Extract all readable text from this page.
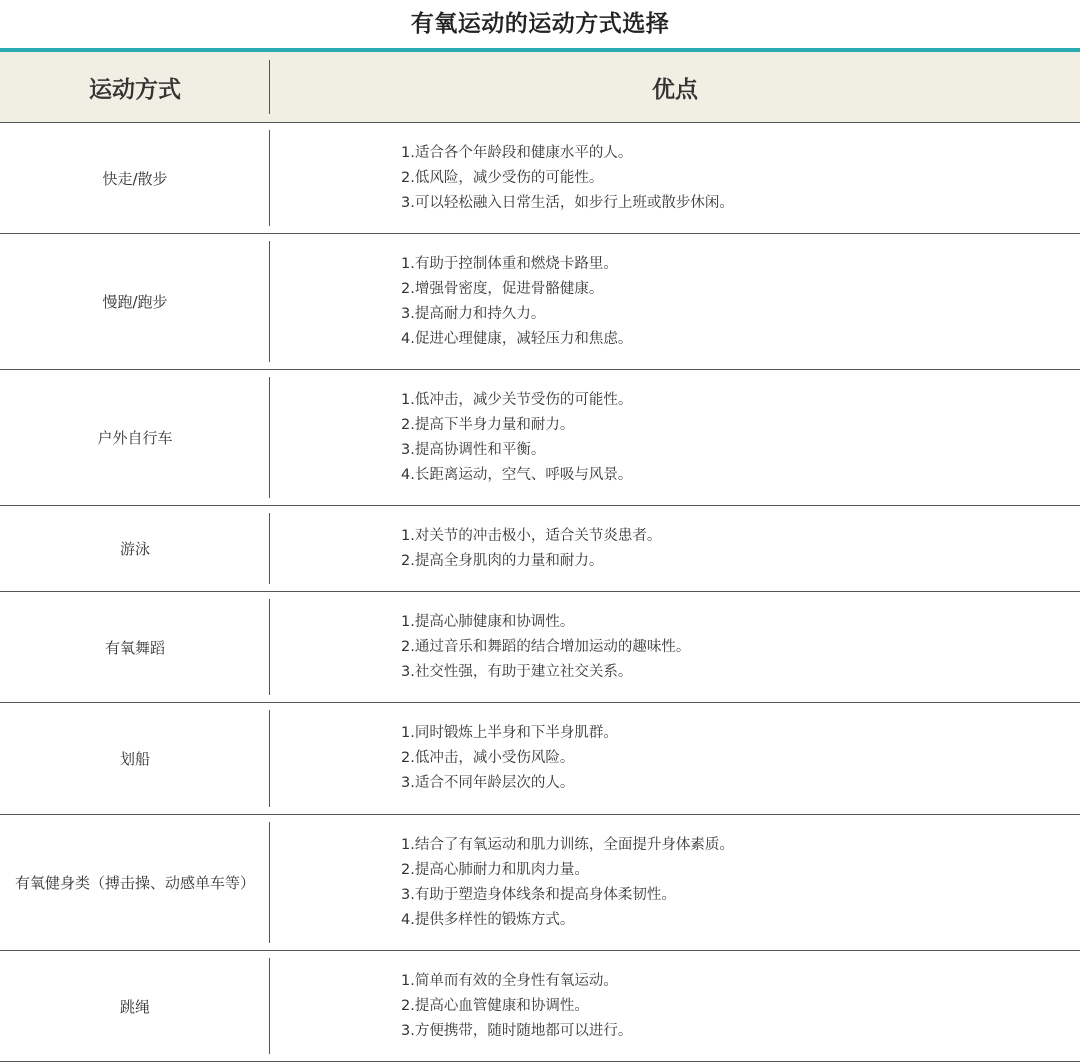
有氧运动的运动方式选择
运动方式	优点
快走/散步
1.适合各个年龄段和健康水平的人。
2.低风险，减少受伤的可能性。
3.可以轻松融入日常生活，如步行上班或散步休闲。
慢跑/跑步
1.有助于控制体重和燃烧卡路里。
2.增强骨密度，促进骨骼健康。
3.提高耐力和持久力。
4.促进心理健康，减轻压力和焦虑。
户外自行车
1.低冲击，减少关节受伤的可能性。
2.提高下半身力量和耐力。
3.提高协调性和平衡。
4.长距离运动，空气、呼吸与风景。
游泳
1.对关节的冲击极小，适合关节炎患者。
2.提高全身肌肉的力量和耐力。
有氧舞蹈
1.提高心肺健康和协调性。
2.通过音乐和舞蹈的结合增加运动的趣味性。
3.社交性强，有助于建立社交关系。
划船
1.同时锻炼上半身和下半身肌群。
2.低冲击，减小受伤风险。
3.适合不同年龄层次的人。
有氧健身类（搏击操、动感单车等）
1.结合了有氧运动和肌力训练，全面提升身体素质。
2.提高心肺耐力和肌肉力量。
3.有助于塑造身体线条和提高身体柔韧性。
4.提供多样性的锻炼方式。
跳绳
1.简单而有效的全身性有氧运动。
2.提高心血管健康和协调性。
3.方便携带，随时随地都可以进行。
